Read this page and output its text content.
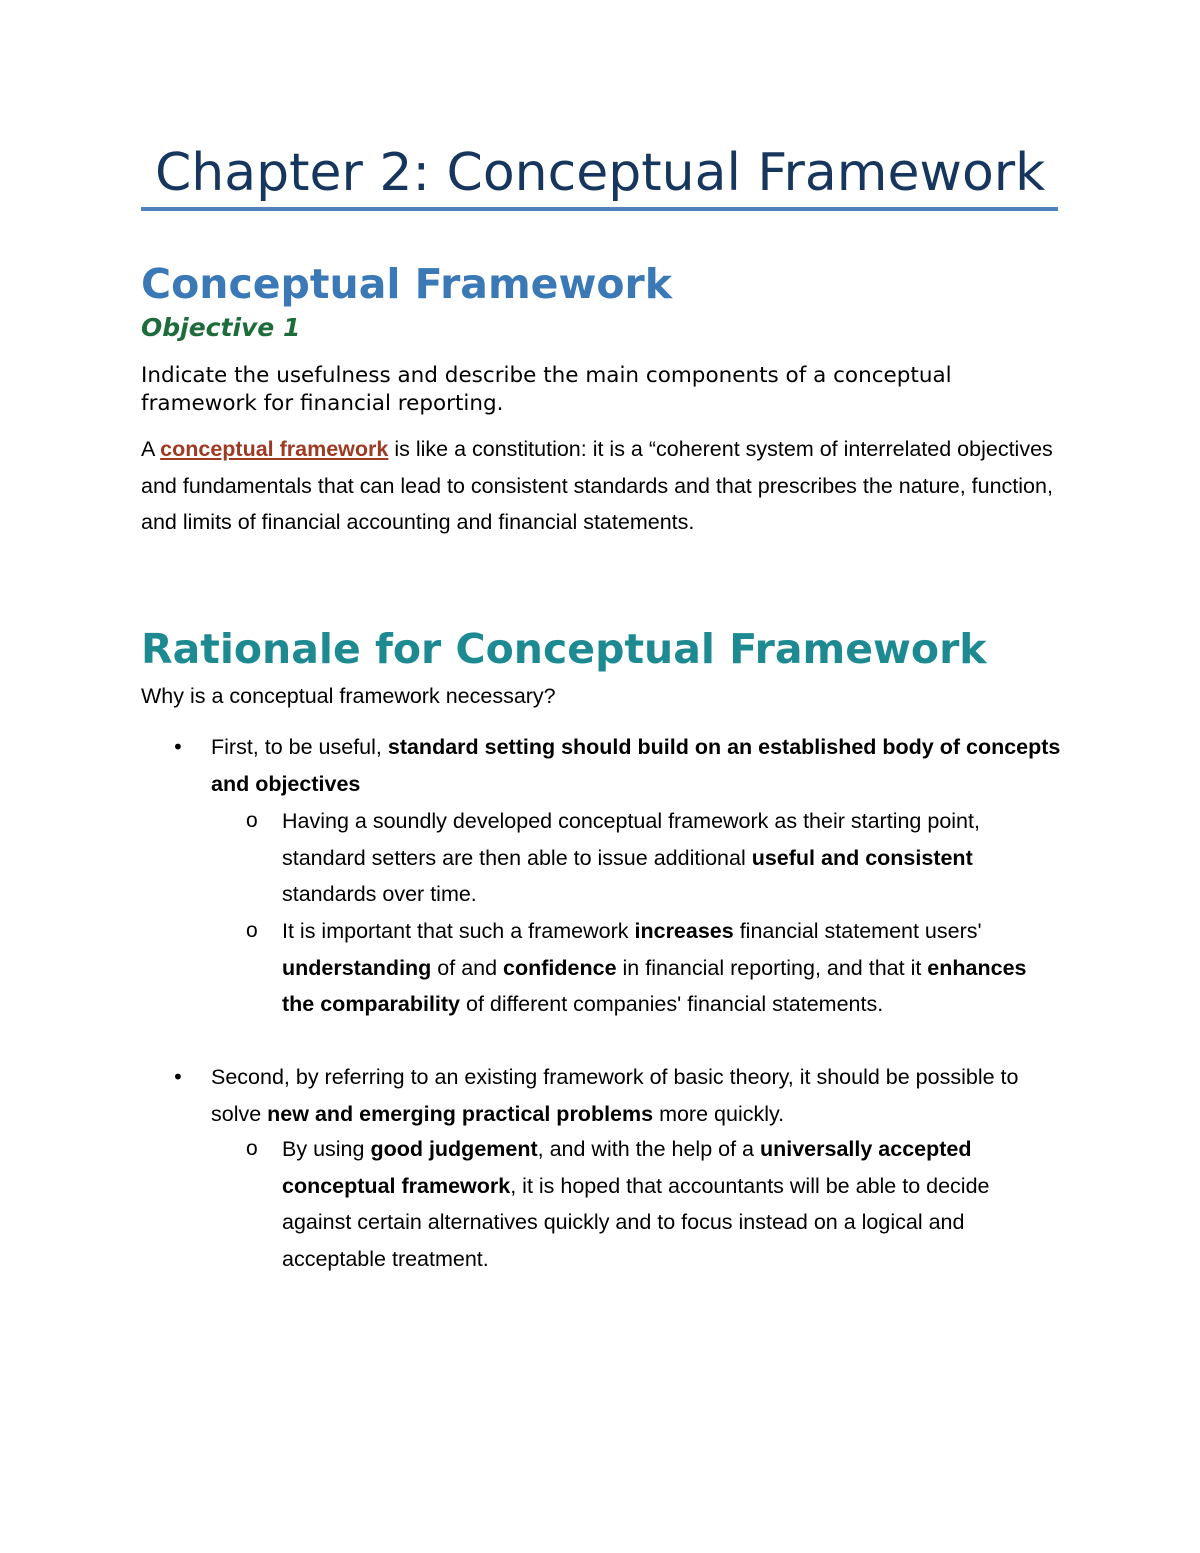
Chapter 2: Conceptual Framework
Conceptual Framework
Objective 1

Indicate the usefulness and describe the main components of a conceptual framework for financial reporting.

A conceptual framework is like a constitution: it is a “coherent system of interrelated objectives and fundamentals that can lead to consistent standards and that prescribes the nature, function, and limits of financial accounting and financial statements.

Rationale for Conceptual Framework

Why is a conceptual framework necessary?

• First, to be useful, standard setting should build on an established body of concepts and objectives

o Having a soundly developed conceptual framework as their starting point, standard setters are then able to issue additional useful and consistent standards over time.

o It is important that such a framework increases financial statement users' understanding of and confidence in financial reporting, and that it enhances the comparability of different companies' financial statements.

• Second, by referring to an existing framework of basic theory, it should be possible to solve new and emerging practical problems more quickly.

o By using good judgement, and with the help of a universally accepted conceptual framework, it is hoped that accountants will be able to decide against certain alternatives quickly and to focus instead on a logical and acceptable treatment.
